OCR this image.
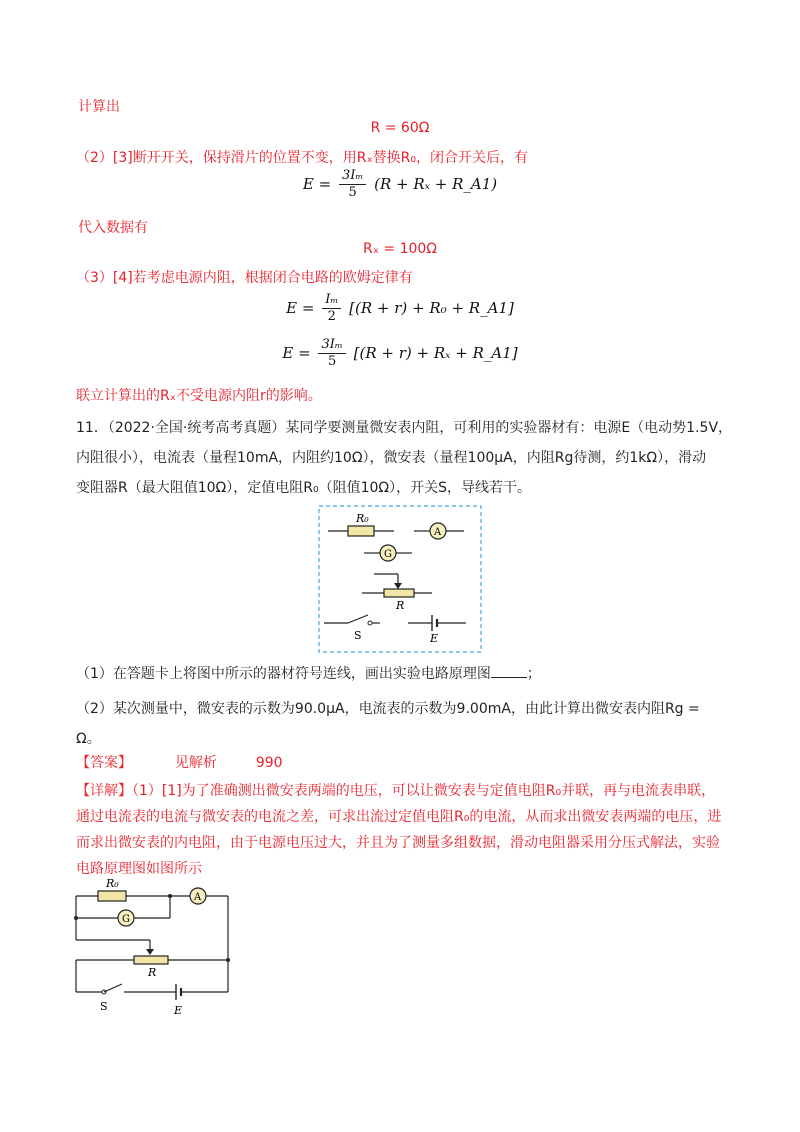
计算出

R = 60Ω

（2）[3]断开开关，保持滑片的位置不变，用Rₓ替换R₀，闭合开关后，有

$E = \frac{\text{3Iₘ}}{5} (R + R_x$ + R_A1)

代入数据有

Rₓ = 100Ω

（3）[4]若考虑电源内阻，根据闭合电路的欧姆定律有

$E = \frac{\text{Iₘ}}{2} [(R + r) + R_0$ + R_A1]
$E = \frac{\text{3Iₘ}}{5} [(R + r) + R_x$ + R_A1]

联立计算出的Rₓ不受电源内阻r的影响。

11．（2022·全国·统考高考真题）某同学要测量微安表内阻，可利用的实验器材有：电源E（电动势1.5V，

内阻很小），电流表（量程10mA，内阻约10Ω），微安表（量程100μA，内阻Rg待测，约1kΩ），滑动

变阻器R（最大阻值10Ω），定值电阻R₀（阻值10Ω），开关S，导线若干。

R₀
A
G
R
S	E

（1）在答题卡上将图中所示的器材符号连线，画出实验电路原理图	；

（2）某次测量中，微安表的示数为90.0μA，电流表的示数为9.00mA，由此计算出微安表内阻Rg =

Ω。

【答案】	见解析	990

【详解】（1）[1]为了准确测出微安表两端的电压，可以让微安表与定值电阻R₀并联，再与电流表串联，

通过电流表的电流与微安表的电流之差，可求出流过定值电阻R₀的电流，从而求出微安表两端的电压，进

而求出微安表的内电阻，由于电源电压过大，并且为了测量多组数据，滑动电阻器采用分压式解法，实验

电路原理图如图所示

R₀
A
G
R
S	E
